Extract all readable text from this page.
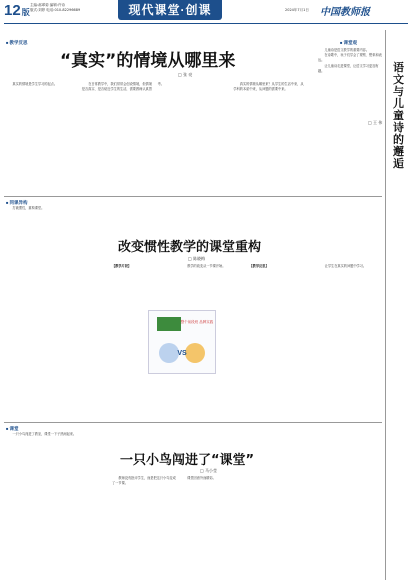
12版
主编:郝翠菊 编辑:许诗
版式:刘婷 电话:010-82296689	现代课堂·创课	2024年7月1日 中国教师报
■ 教学反思
“真实”的情境从哪里来
□ 张 亮

真实的情境是学生学习的起点。	在日常教学中，我们常常会创设情境，但情境是否真实、是否贴近学生的生活，需要教师认真思考。	真实的情境从哪里来？从学生的生活中来，从学科的本质中来，从问题的需要中来。

■ 同课异构
改变惯性教学的课堂重构
□ 陈晓梅

打破惯性，重构课堂。

【教学片段】	教学的改变从一节课开始。	【教学反思】	让学生在真实的问题中学习。

VS
整个前段班 品牌实践
■ 课堂
一只小鸟闯进了“课堂”
□ 马小莹

一只小鸟闯进了教室，课堂一下子热闹起来。

教师没有批评学生，而是把这只小鸟变成了一节课。

课堂因意外而精彩。

■ 课堂观
语文与儿童诗的邂逅
□ 王 伟

儿童诗是语文教学的重要内容。

在诗歌中，孩子们学会了观察、想象和表达。

让儿童诗走进课堂，让语文学习更加有趣。
